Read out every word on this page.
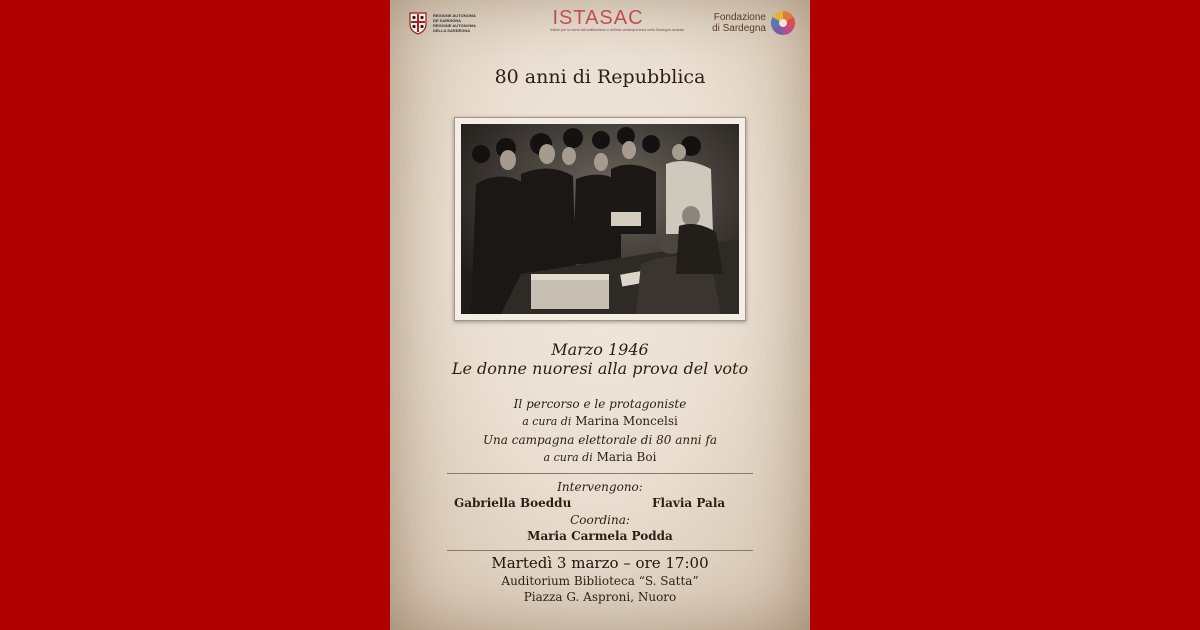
REGIONE AUTONOMA
DE SARDIGNA
REGIONE AUTONOMA
DELLA SARDEGNA
ISTASAC
Istituto per la storia dell'antifascismo e dell'età contemporanea nella Sardegna centrale
Fondazione
di Sardegna
80 anni di Repubblica
Marzo 1946
Le donne nuoresi alla prova del voto
Il percorso e le protagoniste
a cura di Marina Moncelsi
Una campagna elettorale di 80 anni fa
a cura di Maria Boi
Intervengono:
Gabriella Boeddu	Flavia Pala
Coordina:
Maria Carmela Podda
Martedì 3 marzo – ore 17:00
Auditorium Biblioteca “S. Satta”
Piazza G. Asproni, Nuoro
